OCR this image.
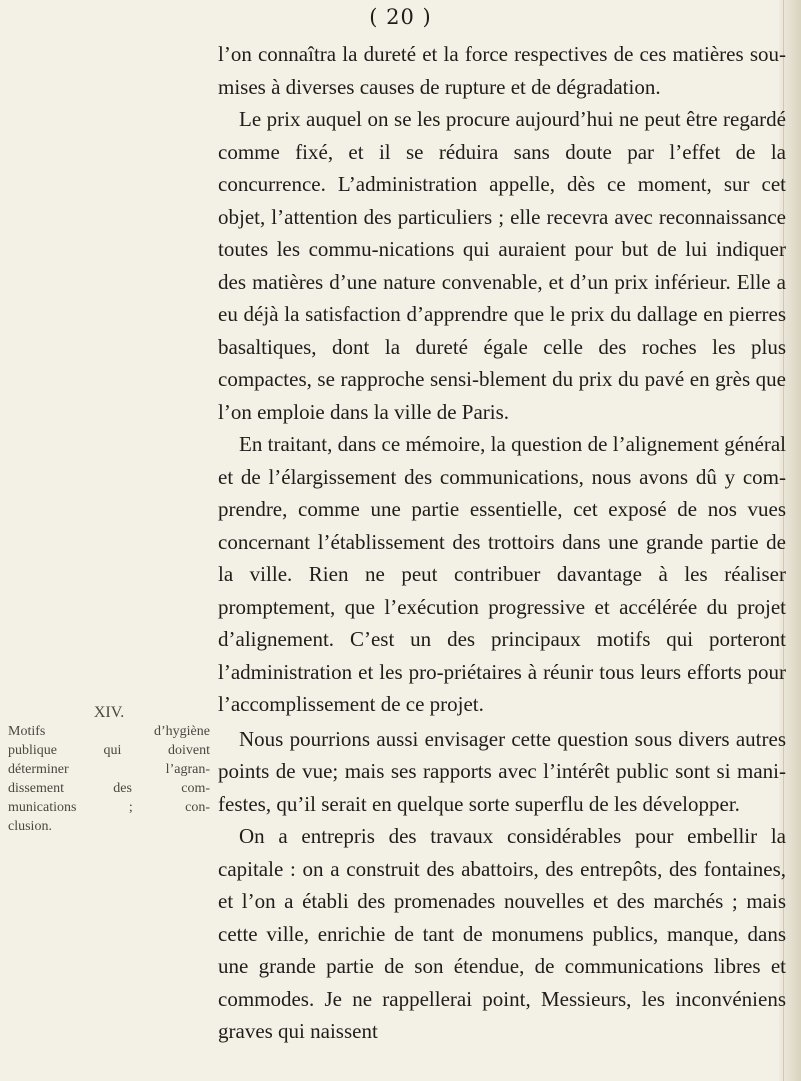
( 20 )

l’on connaîtra la dureté et la force respectives de ces matières sou-mises à diverses causes de rupture et de dégradation.

Le prix auquel on se les procure aujourd’hui ne peut être regardé comme fixé, et il se réduira sans doute par l’effet de la concurrence. L’administration appelle, dès ce moment, sur cet objet, l’attention des particuliers ; elle recevra avec reconnaissance toutes les commu-nications qui auraient pour but de lui indiquer des matières d’une nature convenable, et d’un prix inférieur. Elle a eu déjà la satisfaction d’apprendre que le prix du dallage en pierres basaltiques, dont la dureté égale celle des roches les plus compactes, se rapproche sensi-blement du prix du pavé en grès que l’on emploie dans la ville de Paris.

En traitant, dans ce mémoire, la question de l’alignement général et de l’élargissement des communications, nous avons dû y com-prendre, comme une partie essentielle, cet exposé de nos vues concernant l’établissement des trottoirs dans une grande partie de la ville. Rien ne peut contribuer davantage à les réaliser promptement, que l’exécution progressive et accélérée du projet d’alignement. C’est un des principaux motifs qui porteront l’administration et les pro-priétaires à réunir tous leurs efforts pour l’accomplissement de ce projet.

Nous pourrions aussi envisager cette question sous divers autres points de vue; mais ses rapports avec l’intérêt public sont si mani-festes, qu’il serait en quelque sorte superflu de les développer.

On a entrepris des travaux considérables pour embellir la capitale : on a construit des abattoirs, des entrepôts, des fontaines, et l’on a établi des promenades nouvelles et des marchés ; mais cette ville, enrichie de tant de monumens publics, manque, dans une grande partie de son étendue, de communications libres et commodes. Je ne rappellerai point, Messieurs, les inconvéniens graves qui naissent

XIV.
Motifs d’hygiène
publique qui doivent
déterminer l’agran-
dissement des com-
munications ; con-
clusion.
